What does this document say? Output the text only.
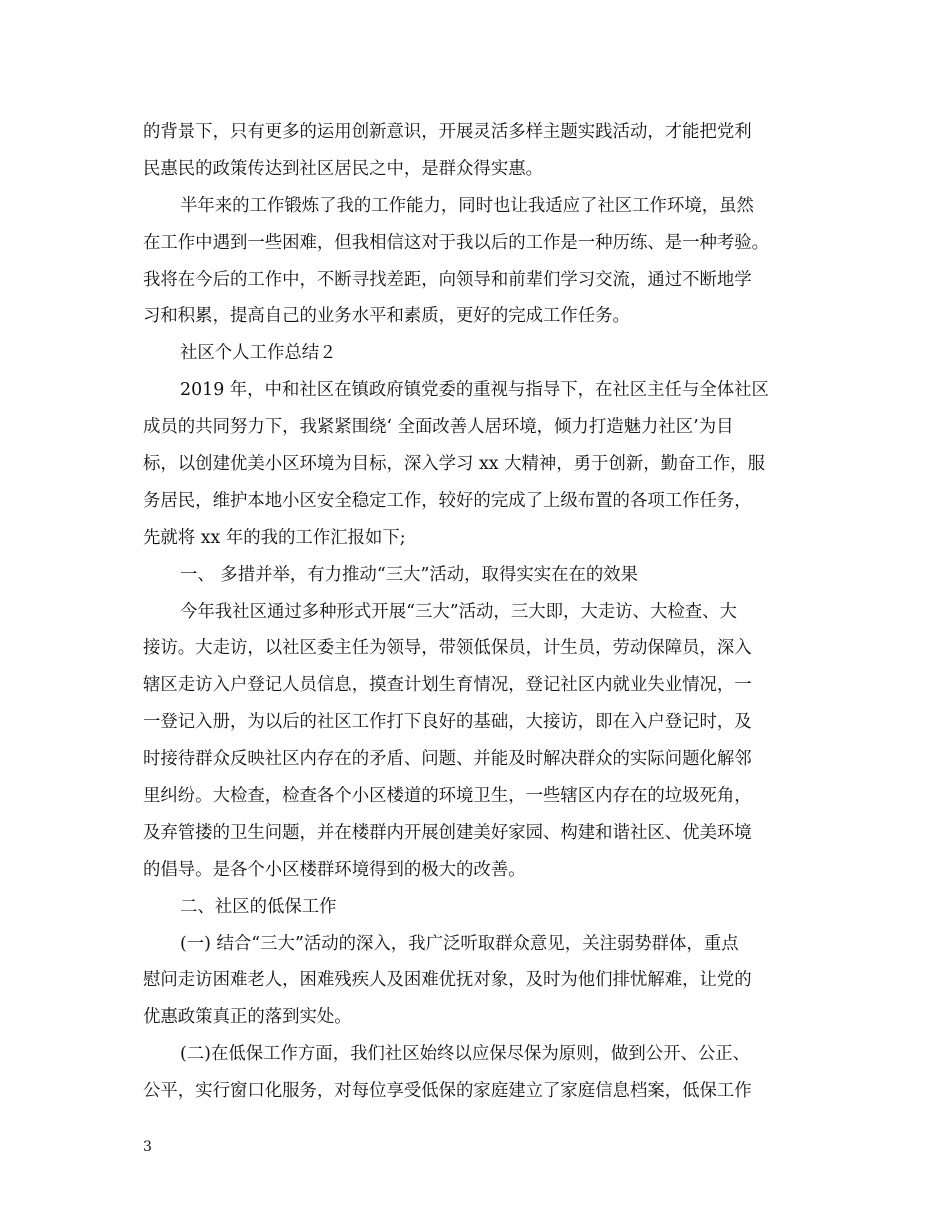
的背景下，只有更多的运用创新意识，开展灵活多样主题实践活动，才能把党利
民惠民的政策传达到社区居民之中，是群众得实惠。
半年来的工作锻炼了我的工作能力，同时也让我适应了社区工作环境，虽然
在工作中遇到一些困难，但我相信这对于我以后的工作是一种历练、是一种考验。
我将在今后的工作中，不断寻找差距，向领导和前辈们学习交流，通过不断地学
习和积累，提高自己的业务水平和素质，更好的完成工作任务。
社区个人工作总结２
2019 年，中和社区在镇政府镇党委的重视与指导下，在社区主任与全体社区
成员的共同努力下，我紧紧围绕‘ 全面改善人居环境，倾力打造魅力社区’为目
标，以创建优美小区环境为目标，深入学习 xx 大精神，勇于创新，勤奋工作，服
务居民，维护本地小区安全稳定工作，较好的完成了上级布置的各项工作任务，
先就将 xx 年的我的工作汇报如下;
一、 多措并举，有力推动“三大”活动，取得实实在在的效果
今年我社区通过多种形式开展“三大”活动，三大即，大走访、大检查、大
接访。大走访，以社区委主任为领导，带领低保员，计生员，劳动保障员，深入
辖区走访入户登记人员信息，摸查计划生育情况，登记社区内就业失业情况，一
一登记入册，为以后的社区工作打下良好的基础，大接访，即在入户登记时，及
时接待群众反映社区内存在的矛盾、问题、并能及时解决群众的实际问题化解邻
里纠纷。大检查，检查各个小区楼道的环境卫生，一些辖区内存在的垃圾死角，
及弃管搂的卫生问题，并在楼群内开展创建美好家园、构建和谐社区、优美环境
的倡导。是各个小区楼群环境得到的极大的改善。
二、社区的低保工作
(一) 结合“三大”活动的深入，我广泛听取群众意见，关注弱势群体，重点
慰问走访困难老人，困难残疾人及困难优抚对象，及时为他们排忧解难，让党的
优惠政策真正的落到实处。
(二)在低保工作方面，我们社区始终以应保尽保为原则，做到公开、公正、
公平，实行窗口化服务，对每位享受低保的家庭建立了家庭信息档案，低保工作
3
